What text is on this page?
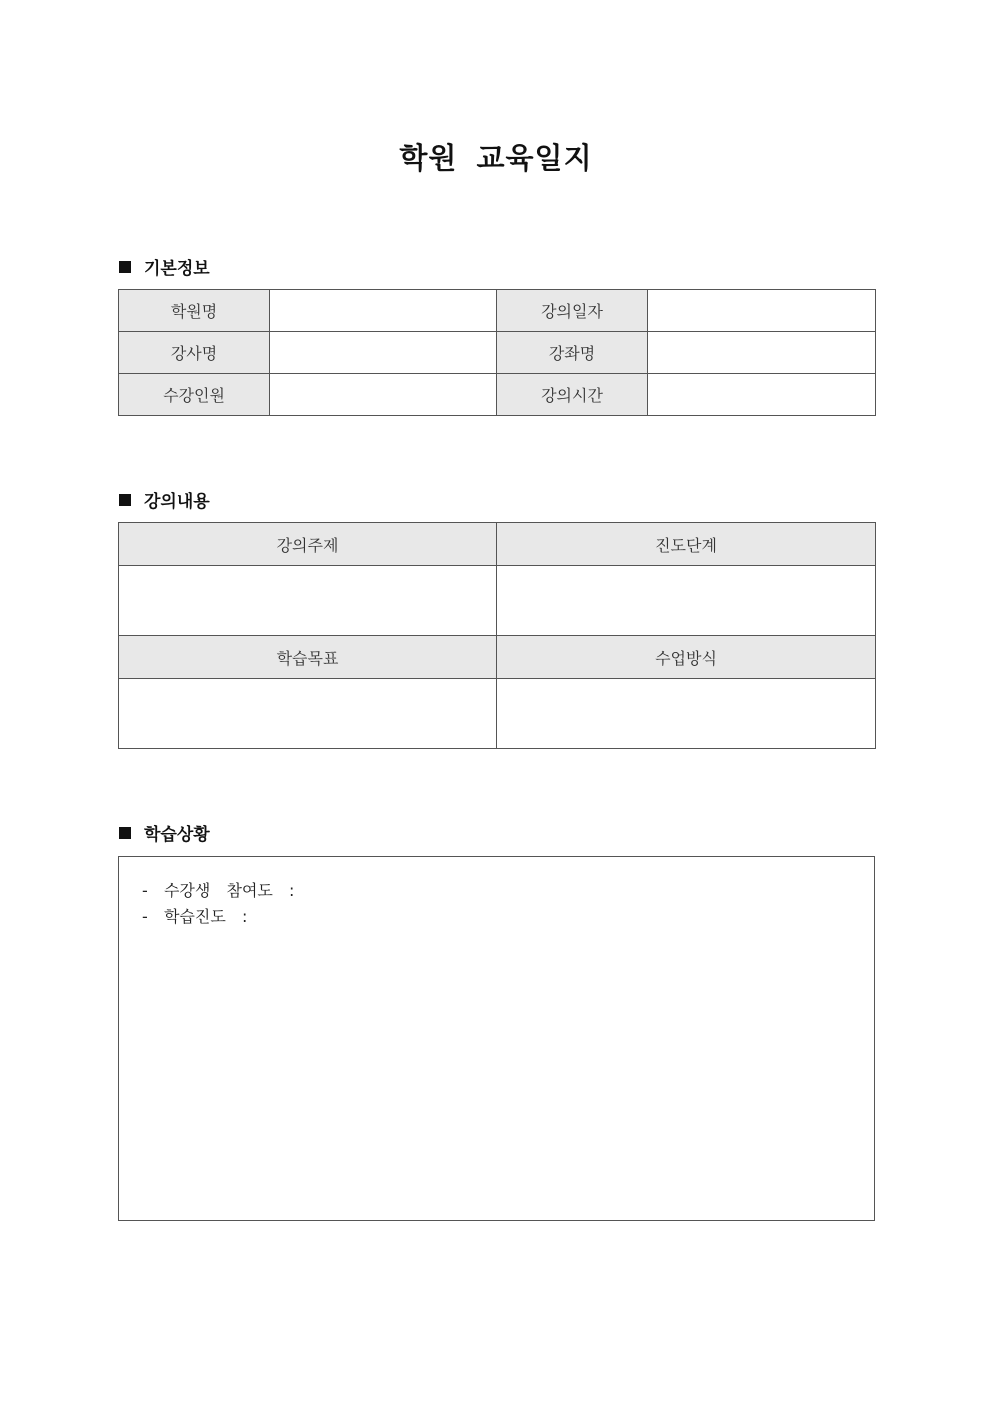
학원 교육일지
기본정보
학원명		강의일자	
강사명		강좌명	
수강인원		강의시간	
강의내용
강의주제	진도단계

학습목표	수업방식

학습상황
-  수강생  참여도  :
-  학습진도  :
